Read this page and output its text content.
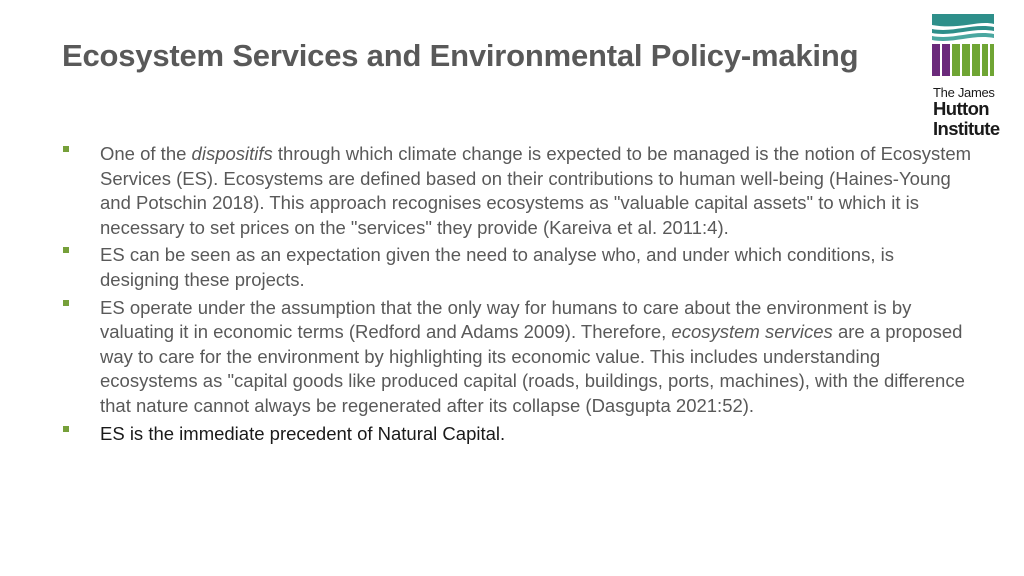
Ecosystem Services and Environmental Policy-making
The James
Hutton
Institute
One of the dispositifs through which climate change is expected to be managed is the notion of Ecosystem Services (ES). Ecosystems are defined based on their contributions to human well-being (Haines-Young and Potschin 2018). This approach recognises ecosystems as "valuable capital assets" to which it is necessary to set prices on the "services" they provide (Kareiva et al. 2011:4).
ES can be seen as an expectation given the need to analyse who, and under which conditions, is designing these projects.
ES operate under the assumption that the only way for humans to care about the environment is by valuating it in economic terms (Redford and Adams 2009). Therefore, ecosystem services are a proposed way to care for the environment by highlighting its economic value. This includes understanding ecosystems as "capital goods like produced capital (roads, buildings, ports, machines), with the difference that nature cannot always be regenerated after its collapse (Dasgupta 2021:52).
ES is the immediate precedent of Natural Capital.
